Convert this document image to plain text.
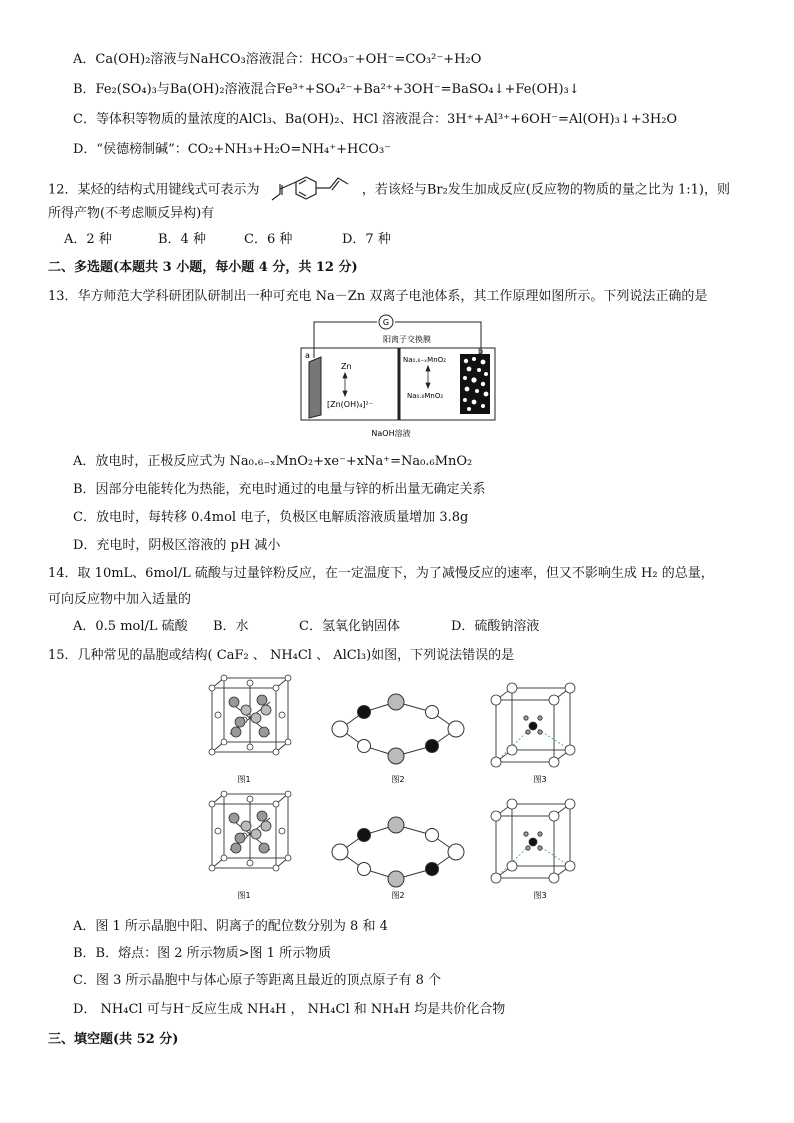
A．Ca(OH)₂溶液与NaHCO₃溶液混合：HCO₃⁻+OH⁻=CO₃²⁻+H₂O
B．Fe₂(SO₄)₃与Ba(OH)₂溶液混合Fe³⁺+SO₄²⁻+Ba²⁺+3OH⁻=BaSO₄↓+Fe(OH)₃↓
C．等体积等物质的量浓度的AlCl₃、Ba(OH)₂、HCl 溶液混合：3H⁺+Al³⁺+6OH⁻=Al(OH)₃↓+3H₂O
D．“侯德榜制碱”：CO₂+NH₃+H₂O=NH₄⁺+HCO₃⁻
12．某烃的结构式用键线式可表示为	，若该烃与Br₂发生加成反应(反应物的物质的量之比为 1:1)，则
所得产物(不考虑顺反异构)有
A．2 种	B．4 种	C．6 种	D．7 种
二、多选题(本题共 3 小题，每小题 4 分，共 12 分)
13．华方师范大学科研团队研制出一种可充电 Na－Zn 双离子电池体系，其工作原理如图所示。下列说法正确的是
G
阳离子交换膜
a	b
Zn
[Zn(OH)₄]²⁻
Na₀.₆₋ₓMnO₂
Na₀.₆MnO₂
NaOH溶液
A．放电时，正极反应式为 Na₀.₆₋ₓMnO₂+xe⁻+xNa⁺=Na₀.₆MnO₂
B．因部分电能转化为热能，充电时通过的电量与锌的析出量无确定关系
C．放电时，每转移 0.4mol 电子，负极区电解质溶液质量增加 3.8g
D．充电时，阴极区溶液的 pH 减小
14．取 10mL、6mol/L 硫酸与过量锌粉反应，在一定温度下，为了减慢反应的速率，但又不影响生成 H₂ 的总量，
可向反应物中加入适量的
A．0.5 mol/L 硫酸 B．水	C．氢氧化钠固体	D．硫酸钠溶液
15．几种常见的晶胞或结构( CaF₂ 、 NH₄Cl 、 AlCl₃)如图，下列说法错误的是
图1	图2	图3
图1	图2	图3
A．图 1 所示晶胞中阳、阴离子的配位数分别为 8 和 4
B．B．熔点：图 2 所示物质>图 1 所示物质
C．图 3 所示晶胞中与体心原子等距离且最近的顶点原子有 8 个
D． NH₄Cl 可与H⁻反应生成 NH₄H ， NH₄Cl 和 NH₄H 均是共价化合物
三、填空题(共 52 分)
